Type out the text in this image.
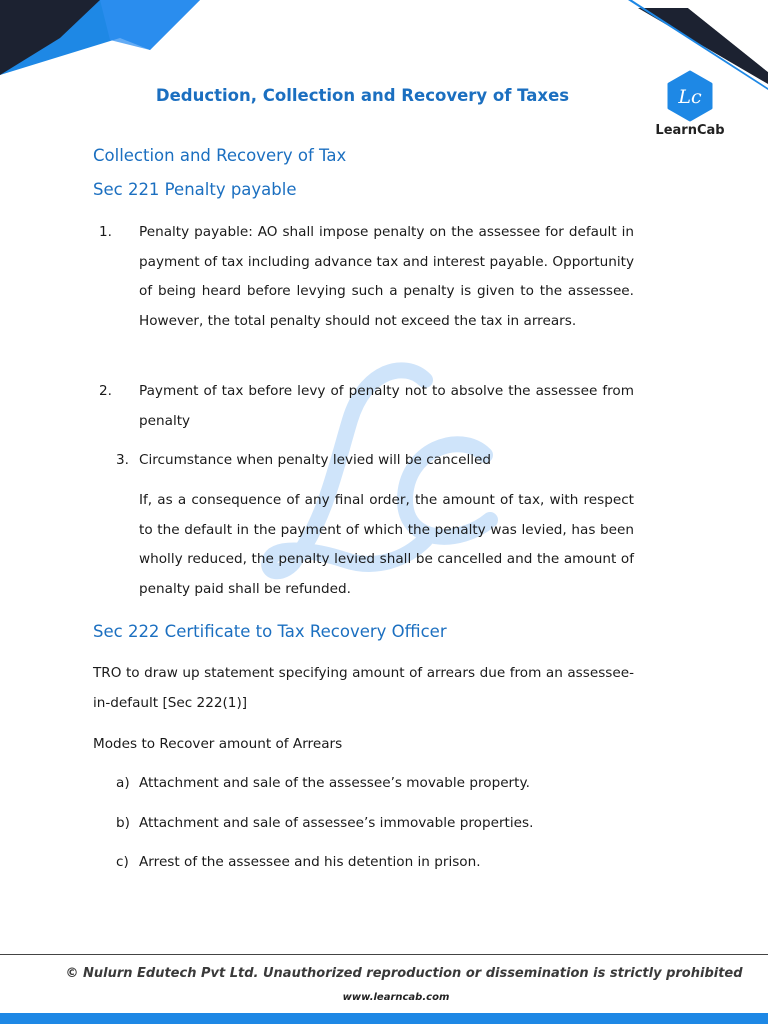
Deduction, Collection and Recovery of Taxes	Lc
LearnCab
Collection and Recovery of Tax
Sec 221 Penalty payable
1. Penalty payable: AO shall impose penalty on the assessee for default in payment of tax including advance tax and interest payable. Opportunity of being heard before levying such a penalty is given to the assessee. However, the total penalty should not exceed the tax in arrears.
2. Payment of tax before levy of penalty not to absolve the assessee from penalty
3. Circumstance when penalty levied will be cancelled
If, as a consequence of any final order, the amount of tax, with respect to the default in the payment of which the penalty was levied, has been wholly reduced, the penalty levied shall be cancelled and the amount of penalty paid shall be refunded.
Sec 222 Certificate to Tax Recovery Officer
TRO to draw up statement specifying amount of arrears due from an assessee-in-default [Sec 222(1)]
Modes to Recover amount of Arrears
a) Attachment and sale of the assessee’s movable property.
b) Attachment and sale of assessee’s immovable properties.
c) Arrest of the assessee and his detention in prison.
© Nulurn Edutech Pvt Ltd. Unauthorized reproduction or dissemination is strictly prohibited
www.learncab.com
